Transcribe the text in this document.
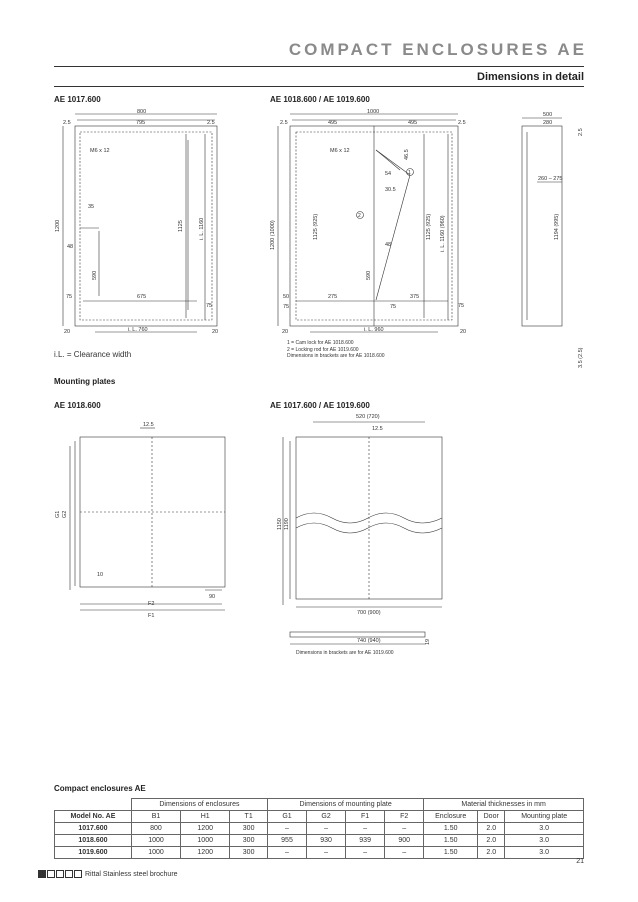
COMPACT ENCLOSURES AE
Dimensions in detail
AE 1017.600	AE 1018.600 / AE 1019.600
800
795
2.5	2.5
M6 x 12
35
48
75	675
75
20	i. L. 760	20
1200	1125	i. L. 1160
590
1000
495	495
2.5	2.5
M6 x 12
54
30.5
48
50
75
275
75
375
75
20	i. L. 960	20
1
2
1200 (1000)	1125 (925)	1125 (925) i. L. 1160 (960)
46.5
590
500
280
260 – 275
2.5
1194 (995)
3.5 (2.5)
12.5
10
90
F2
F1
G1 G2
520 (720)
12.5
700 (900)
740 (940)	19
1150 1190
i.L. = Clearance width
1 = Cam lock for AE 1018.600
2 = Locking rod for AE 1019.600
Dimensions in brackets are for AE 1018.600
Mounting plates
AE 1018.600	AE 1017.600 / AE 1019.600
Dimensions in brackets are for AE 1019.600
Compact enclosures AE
	Dimensions of enclosures			Dimensions of mounting plate				Material thicknesses in mm		
Model No. AE	B1	H1	T1	G1	G2	F1	F2	Enclosure	Door	Mounting plate
1017.600	800	1200	300	–	–	–	–	1.50	2.0	3.0
1018.600	1000	1000	300	955	930	939	900	1.50	2.0	3.0
1019.600	1000	1200	300	–	–	–	–	1.50	2.0	3.0
21
Rittal Stainless steel brochure
